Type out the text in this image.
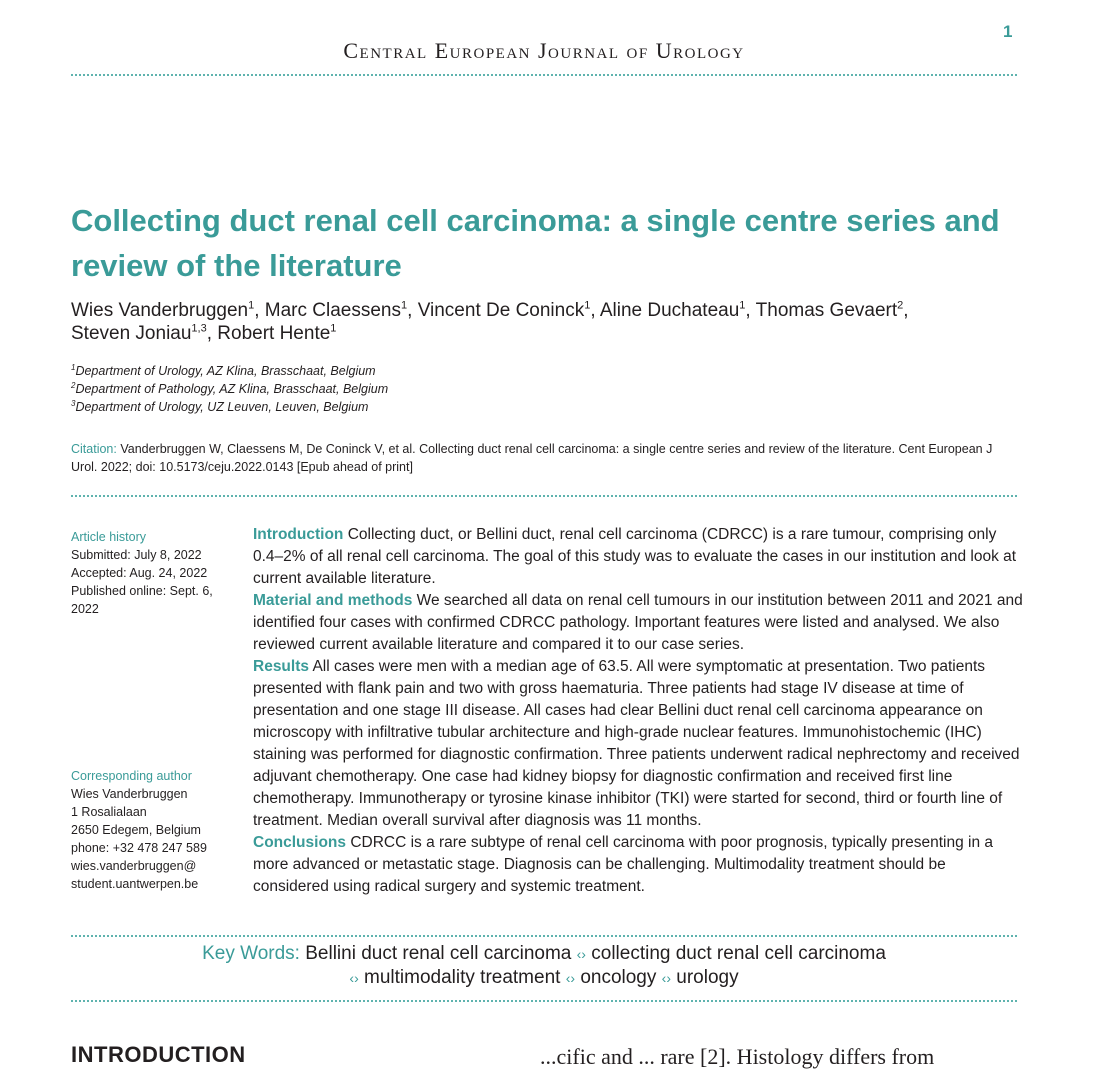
1
Central European Journal of Urology
Collecting duct renal cell carcinoma: a single centre series and review of the literature
Wies Vanderbruggen$^1$, Marc Claessens$^1$, Vincent De Coninck$^1$, Aline Duchateau$^1$, Thomas Gevaert$^2$,
Steven Joniau$^{1,3}$, Robert Hente$^1$
$^1$Department of Urology, AZ Klina, Brasschaat, Belgium
$^2$Department of Pathology, AZ Klina, Brasschaat, Belgium
$^3$Department of Urology, UZ Leuven, Leuven, Belgium
Citation: Vanderbruggen W, Claessens M, De Coninck V, et al. Collecting duct renal cell carcinoma: a single centre series and review of the literature. Cent European J Urol. 2022; doi: 10.5173/ceju.2022.0143 [Epub ahead of print]
Article history
Submitted: July 8, 2022
Accepted: Aug. 24, 2022
Published online: Sept. 6, 2022
Corresponding author
Wies Vanderbruggen
1 Rosalialaan
2650 Edegem, Belgium
phone: +32 478 247 589
wies.vanderbruggen@
student.uantwerpen.be
Introduction Collecting duct, or Bellini duct, renal cell carcinoma (CDRCC) is a rare tumour, comprising only 0.4–2% of all renal cell carcinoma. The goal of this study was to evaluate the cases in our institution and look at current available literature.
Material and methods We searched all data on renal cell tumours in our institution between 2011 and 2021 and identified four cases with confirmed CDRCC pathology. Important features were listed and analysed. We also reviewed current available literature and compared it to our case series.
Results All cases were men with a median age of 63.5. All were symptomatic at presentation. Two patients presented with flank pain and two with gross haematuria. Three patients had stage IV disease at time of presentation and one stage III disease. All cases had clear Bellini duct renal cell carcinoma appearance on microscopy with infiltrative tubular architecture and high-grade nuclear features. Immunohistochemic (IHC) staining was performed for diagnostic confirmation. Three patients underwent radical nephrectomy and received adjuvant chemotherapy. One case had kidney biopsy for diagnostic confirmation and received first line chemotherapy. Immunotherapy or tyrosine kinase inhibitor (TKI) were started for second, third or fourth line of treatment. Median overall survival after diagnosis was 11 months.
Conclusions CDRCC is a rare subtype of renal cell carcinoma with poor prognosis, typically presenting in a more advanced or metastatic stage. Diagnosis can be challenging. Multimodality treatment should be considered using radical surgery and systemic treatment.
Key Words: Bellini duct renal cell carcinoma ‹› collecting duct renal cell carcinoma
‹› multimodality treatment ‹› oncology ‹› urology
INTRODUCTION	...cific and ... rare [2]. Histology differs from
